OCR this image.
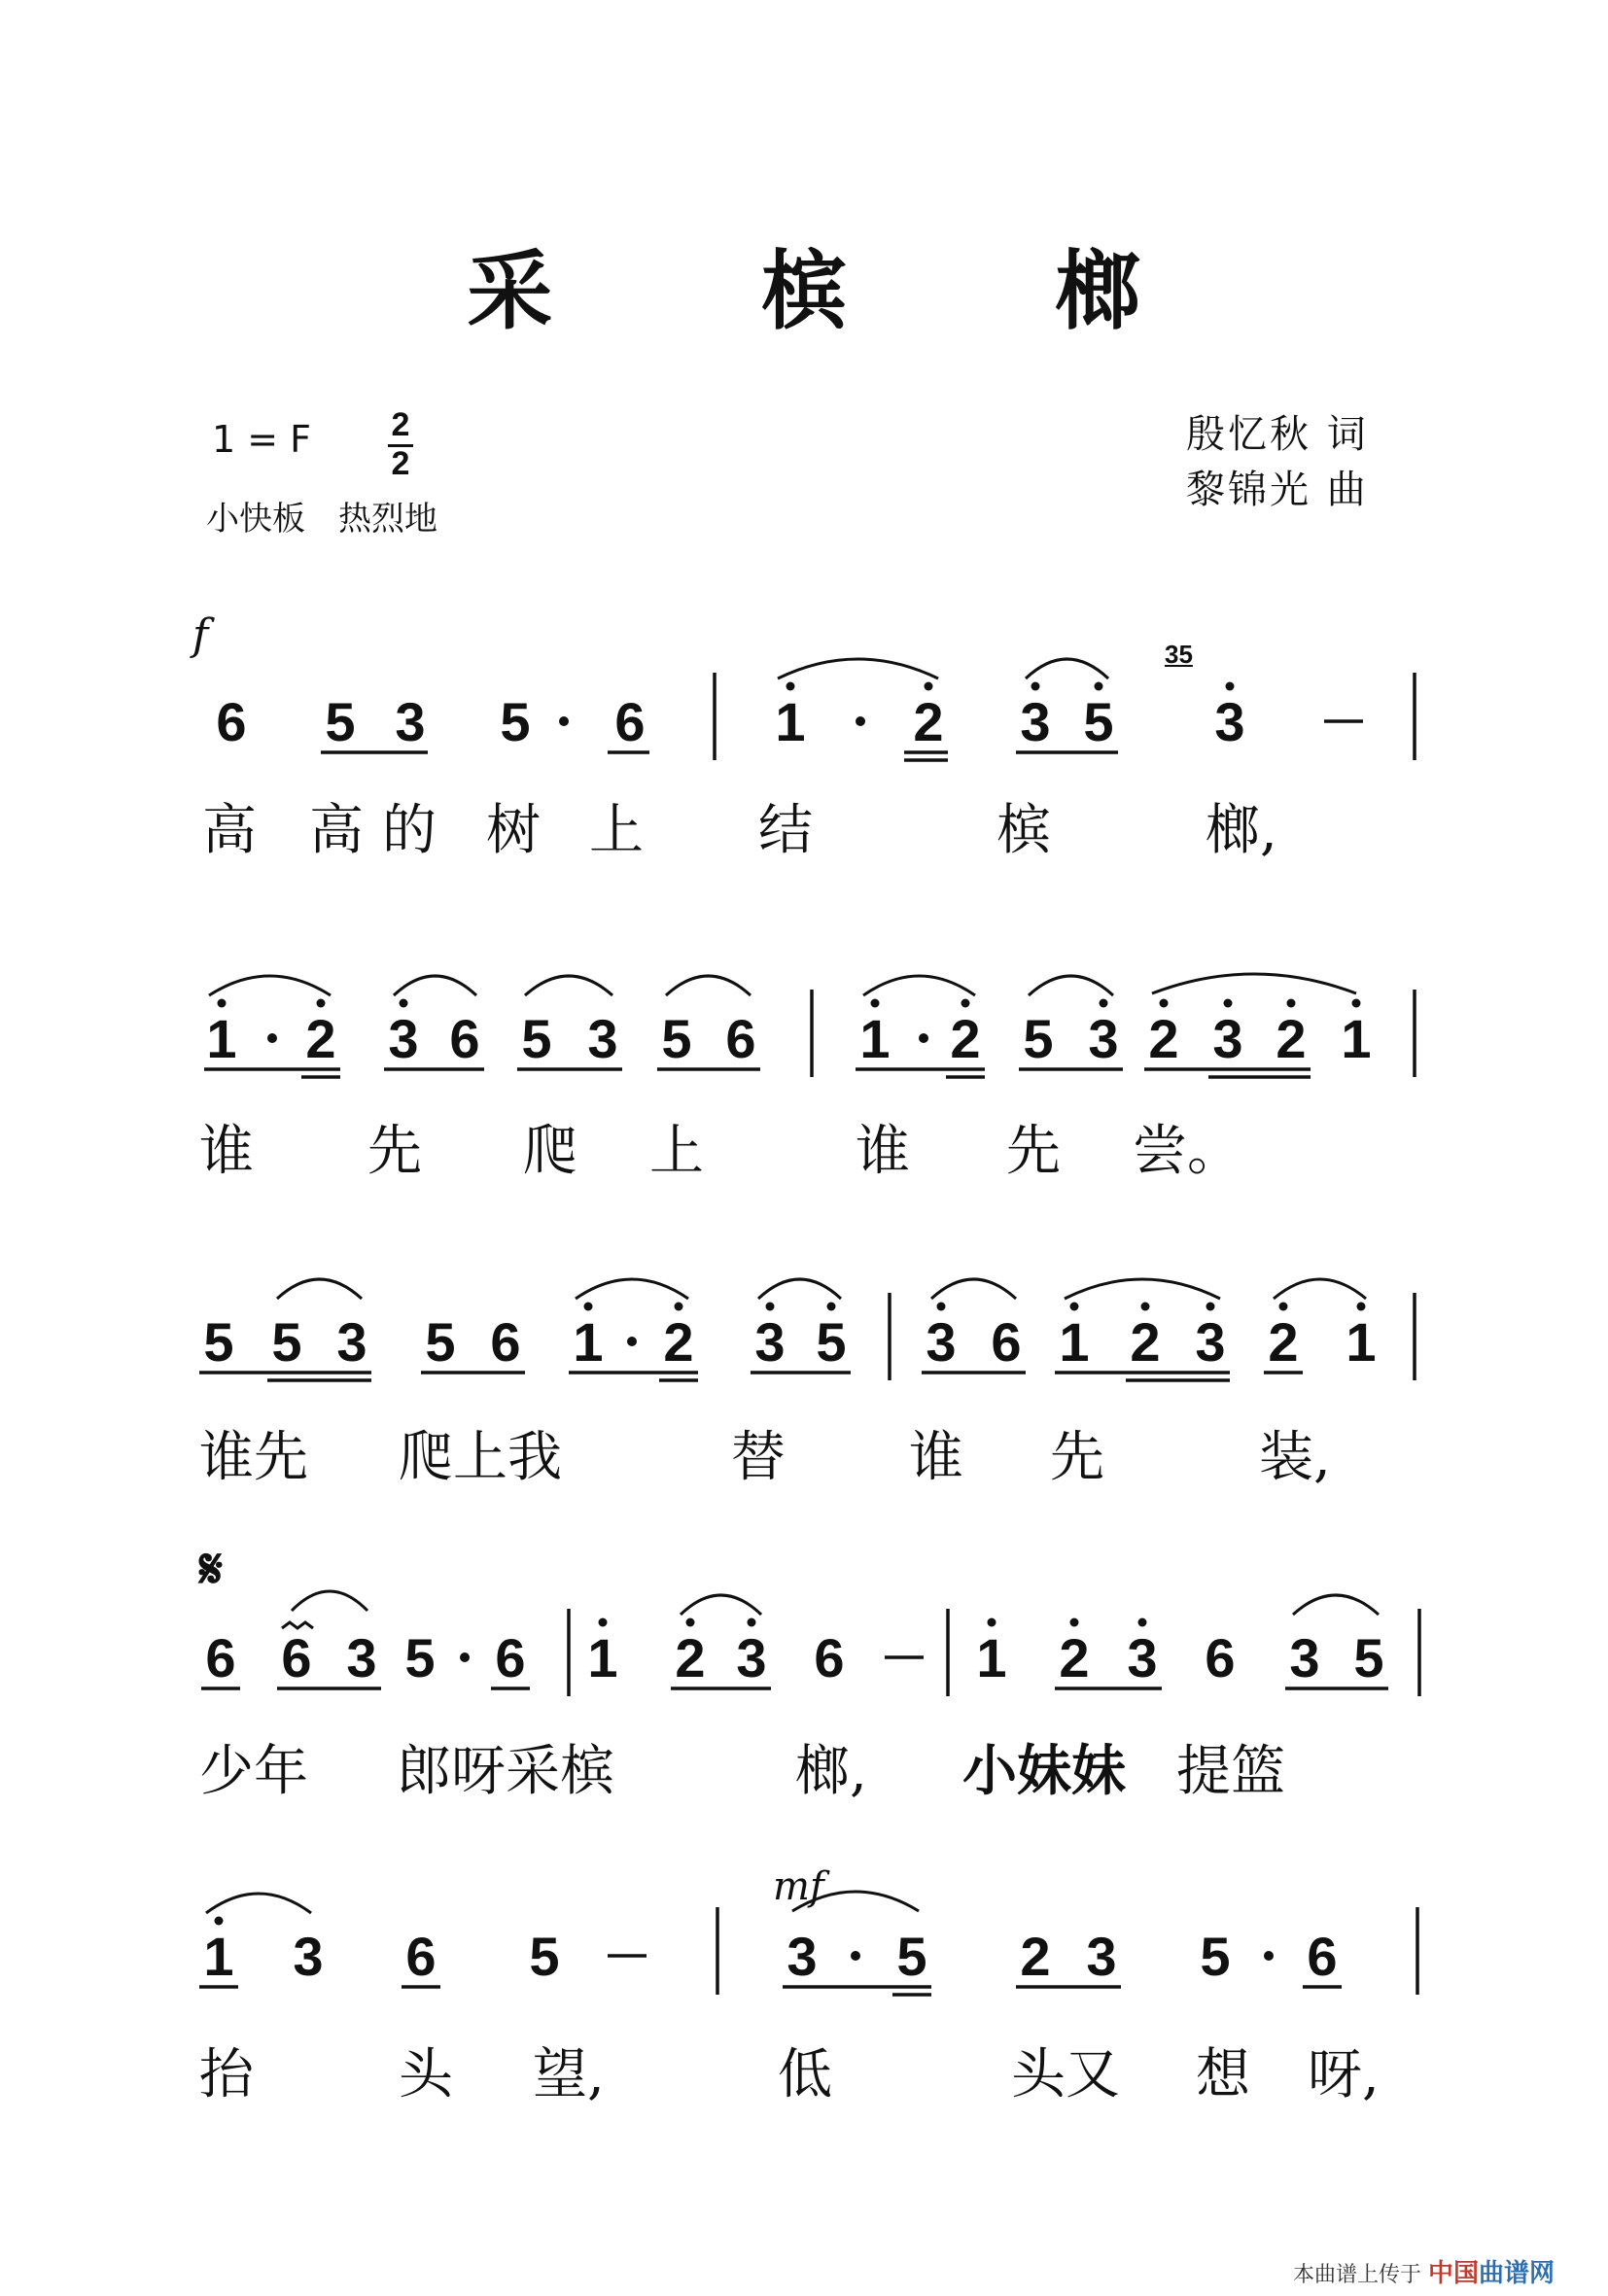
采 槟 榔
1 = F 2
2
小快板　热烈地
殷忆秋 词
黎锦光 曲
f
mf
𝄋
35
6 5 3 5 6 1 2 3 5 3
1 2 3 6 5 3 5 6 1 2 5 3 2 3 2 1
5 5 3 5 6 1 2 3 5 3 6 1 2 3 2 1
6 6 3 5 6 1 2 3 6 1 2 3 6 3 5
1 3 6 5	3 5 2 3 5 6
高 高 的 树 上 结	槟	榔,
谁 先 爬 上	谁 先 尝。
谁先 爬上我	替 谁 先	装,
少年 郎呀采槟	榔, 小妹妹 提篮
抬	头 望,	低	头又 想 呀,
本曲谱上传于 中国曲谱网
